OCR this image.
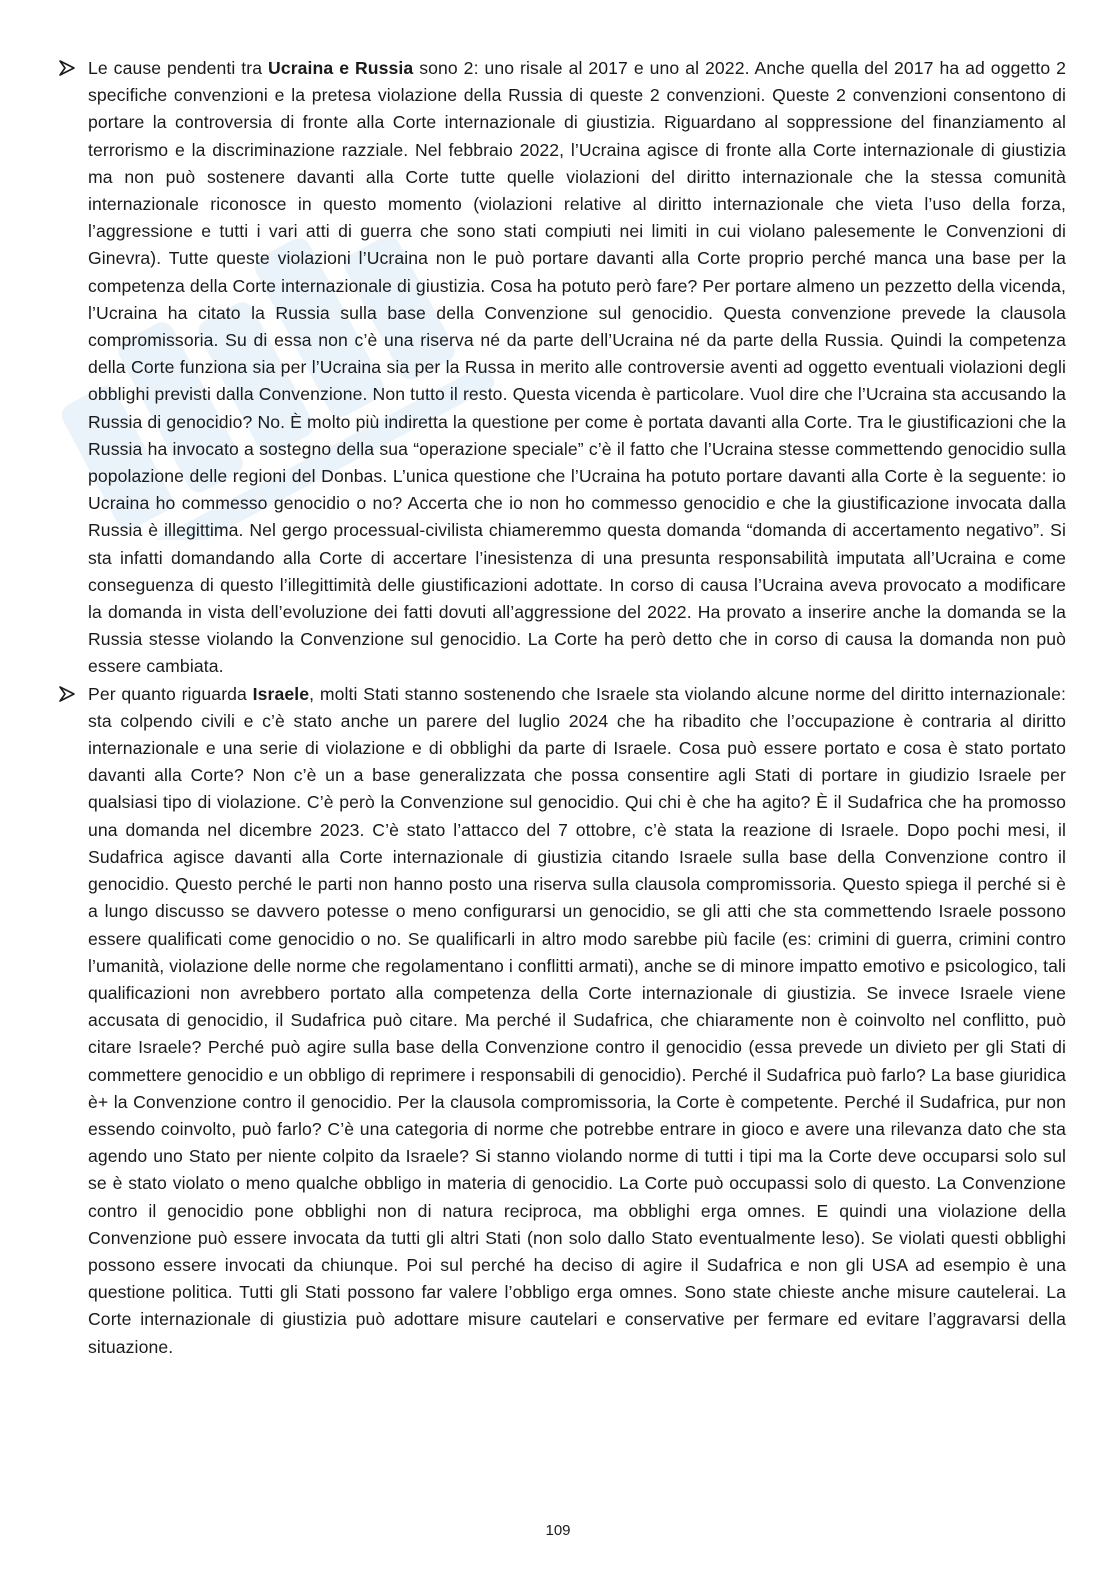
Le cause pendenti tra Ucraina e Russia sono 2: uno risale al 2017 e uno al 2022. Anche quella del 2017 ha ad oggetto 2 specifiche convenzioni e la pretesa violazione della Russia di queste 2 convenzioni. Queste 2 convenzioni consentono di portare la controversia di fronte alla Corte internazionale di giustizia. Riguardano al soppressione del finanziamento al terrorismo e la discriminazione razziale. Nel febbraio 2022, l’Ucraina agisce di fronte alla Corte internazionale di giustizia ma non può sostenere davanti alla Corte tutte quelle violazioni del diritto internazionale che la stessa comunità internazionale riconosce in questo momento (violazioni relative al diritto internazionale che vieta l’uso della forza, l’aggressione e tutti i vari atti di guerra che sono stati compiuti nei limiti in cui violano palesemente le Convenzioni di Ginevra). Tutte queste violazioni l’Ucraina non le può portare davanti alla Corte proprio perché manca una base per la competenza della Corte internazionale di giustizia. Cosa ha potuto però fare? Per portare almeno un pezzetto della vicenda, l’Ucraina ha citato la Russia sulla base della Convenzione sul genocidio. Questa convenzione prevede la clausola compromissoria. Su di essa non c’è una riserva né da parte dell’Ucraina né da parte della Russia. Quindi la competenza della Corte funziona sia per l’Ucraina sia per la Russa in merito alle controversie aventi ad oggetto eventuali violazioni degli obblighi previsti dalla Convenzione. Non tutto il resto. Questa vicenda è particolare. Vuol dire che l’Ucraina sta accusando la Russia di genocidio? No. È molto più indiretta la questione per come è portata davanti alla Corte. Tra le giustificazioni che la Russia ha invocato a sostegno della sua “operazione speciale” c’è il fatto che l’Ucraina stesse commettendo genocidio sulla popolazione delle regioni del Donbas. L’unica questione che l’Ucraina ha potuto portare davanti alla Corte è la seguente: io Ucraina ho commesso genocidio o no? Accerta che io non ho commesso genocidio e che la giustificazione invocata dalla Russia è illegittima. Nel gergo processual-civilista chiameremmo questa domanda “domanda di accertamento negativo”. Si sta infatti domandando alla Corte di accertare l’inesistenza di una presunta responsabilità imputata all’Ucraina e come conseguenza di questo l’illegittimità delle giustificazioni adottate. In corso di causa l’Ucraina aveva provocato a modificare la domanda in vista dell’evoluzione dei fatti dovuti all’aggressione del 2022. Ha provato a inserire anche la domanda se la Russia stesse violando la Convenzione sul genocidio. La Corte ha però detto che in corso di causa la domanda non può essere cambiata.

Per quanto riguarda Israele, molti Stati stanno sostenendo che Israele sta violando alcune norme del diritto internazionale: sta colpendo civili e c’è stato anche un parere del luglio 2024 che ha ribadito che l’occupazione è contraria al diritto internazionale e una serie di violazione e di obblighi da parte di Israele. Cosa può essere portato e cosa è stato portato davanti alla Corte? Non c’è un a base generalizzata che possa consentire agli Stati di portare in giudizio Israele per qualsiasi tipo di violazione. C’è però la Convenzione sul genocidio. Qui chi è che ha agito? È il Sudafrica che ha promosso una domanda nel dicembre 2023. C’è stato l’attacco del 7 ottobre, c’è stata la reazione di Israele. Dopo pochi mesi, il Sudafrica agisce davanti alla Corte internazionale di giustizia citando Israele sulla base della Convenzione contro il genocidio. Questo perché le parti non hanno posto una riserva sulla clausola compromissoria. Questo spiega il perché si è a lungo discusso se davvero potesse o meno configurarsi un genocidio, se gli atti che sta commettendo Israele possono essere qualificati come genocidio o no. Se qualificarli in altro modo sarebbe più facile (es: crimini di guerra, crimini contro l’umanità, violazione delle norme che regolamentano i conflitti armati), anche se di minore impatto emotivo e psicologico, tali qualificazioni non avrebbero portato alla competenza della Corte internazionale di giustizia. Se invece Israele viene accusata di genocidio, il Sudafrica può citare. Ma perché il Sudafrica, che chiaramente non è coinvolto nel conflitto, può citare Israele? Perché può agire sulla base della Convenzione contro il genocidio (essa prevede un divieto per gli Stati di commettere genocidio e un obbligo di reprimere i responsabili di genocidio). Perché il Sudafrica può farlo? La base giuridica è+ la Convenzione contro il genocidio. Per la clausola compromissoria, la Corte è competente. Perché il Sudafrica, pur non essendo coinvolto, può farlo? C’è una categoria di norme che potrebbe entrare in gioco e avere una rilevanza dato che sta agendo uno Stato per niente colpito da Israele? Si stanno violando norme di tutti i tipi ma la Corte deve occuparsi solo sul se è stato violato o meno qualche obbligo in materia di genocidio. La Corte può occupassi solo di questo. La Convenzione contro il genocidio pone obblighi non di natura reciproca, ma obblighi erga omnes. E quindi una violazione della Convenzione può essere invocata da tutti gli altri Stati (non solo dallo Stato eventualmente leso). Se violati questi obblighi possono essere invocati da chiunque. Poi sul perché ha deciso di agire il Sudafrica e non gli USA ad esempio è una questione politica. Tutti gli Stati possono far valere l’obbligo erga omnes. Sono state chieste anche misure cautelerai. La Corte internazionale di giustizia può adottare misure cautelari e conservative per fermare ed evitare l’aggravarsi della situazione.

109
